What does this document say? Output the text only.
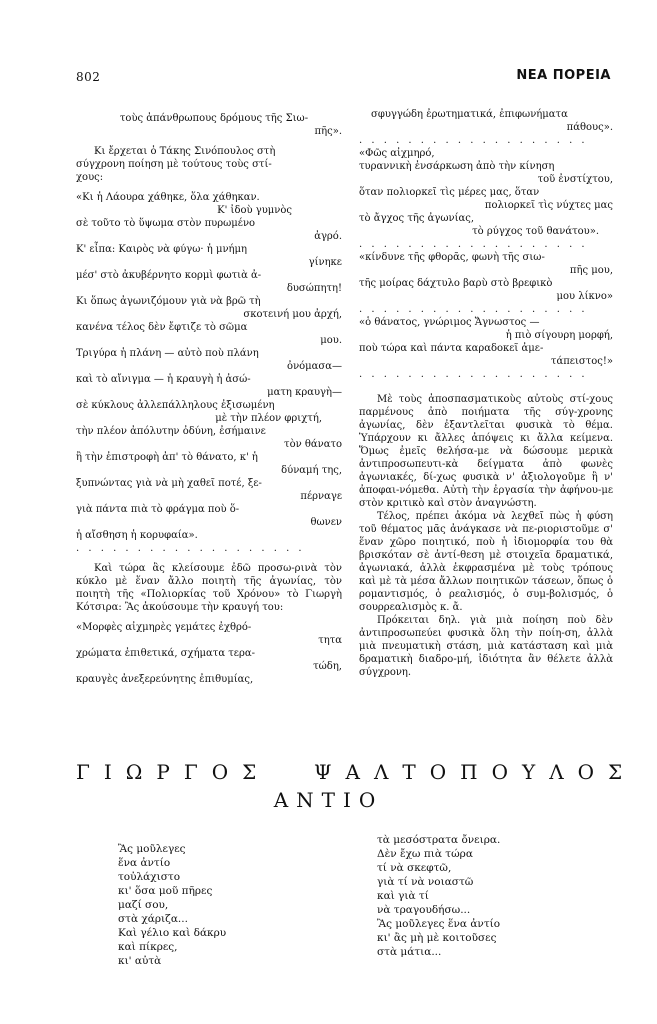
802	ΝΕΑ ΠΟΡΕΙΑ
τοὺς ἀπάνθρωπους δρόμους τῆς Σιω-
πῆς».
Κι ἔρχεται ὁ Τάκης Σινόπουλος στὴ
σύγχρονη ποίηση μὲ τούτους τοὺς στί-
χους:
«Κι ἡ Λάουρα χάθηκε, ὅλα χάθηκαν.
Κ' ἰδοὺ γυμνὸς
σὲ τοῦτο τὸ ὕψωμα στὸν πυρωμένο
ἀγρό.
Κ' εἶπα: Καιρὸς νὰ φύγω· ἡ μνήμη
γίνηκε
μέσ' στὸ ἀκυβέρνητο κορμὶ φωτιὰ ἀ-
δυσώπητη!
Κι ὅπως ἀγωνιζόμουν γιὰ νὰ βρῶ τὴ
σκοτεινή μου ἀρχή,
κανένα τέλος δὲν ἔφτιζε τὸ σῶμα
μου.
Τριγύρα ἡ πλάνη — αὐτὸ ποὺ πλάνη
ὀνόμασα—
καὶ τὸ αἴνιγμα — ἡ κραυγὴ ἡ ἀσώ-
ματη κραυγὴ—
σὲ κύκλους ἀλλεπάλληλους ἐξισωμένη
μὲ τὴν πλέον φριχτή,
τὴν πλέον ἀπόλυτην ὀδύνη, ἐσήμαινε
τὸν θάνατο
ἢ τὴν ἐπιστροφὴ ἀπ' τὸ θάνατο, κ' ἡ
δύναμή της,
ξυπνώντας γιὰ νὰ μὴ χαθεῖ ποτέ, ξε-
πέρναγε
γιὰ πάντα πιὰ τὸ φράγμα ποὺ ὅ-
θωνεν
ἡ αἴσθηση ἡ κορυφαία».
. . . . . . . . . . . . . . . . . . .

Καὶ τώρα ἂς κλείσουμε ἐδῶ προσω-ρινὰ τὸν κύκλο μὲ ἕναν ἄλλο ποιητὴ τῆς ἀγωνίας, τὸν ποιητὴ τῆς «Πολιορκίας τοῦ Χρόνου» τὸ Γιωργὴ Κότσιρα: Ἂς ἀκούσουμε τὴν κραυγή του:

«Μορφὲς αἰχμηρὲς γεμάτες ἐχθρό-
τητα
χρώματα ἐπιθετικά, σχήματα τερα-
τώδη,
κραυγὲς ἀνεξερεύνητης ἐπιθυμίας,
σφυγγώδη ἐρωτηματικά, ἐπιφωνήματα
πάθους».
. . . . . . . . . . . . . . . . . . .
«Φῶς αἰχμηρό,
τυραννικὴ ἐνσάρκωση ἀπὸ τὴν κίνηση
τοῦ ἐνστίχτου,
ὅταν πολιορκεῖ τὶς μέρες μας, ὅταν
πολιορκεῖ τὶς νύχτες μας
τὸ ἄγχος τῆς ἀγωνίας,
τὸ ρύγχος τοῦ θανάτου».
. . . . . . . . . . . . . . . . . . .
«κίνδυνε τῆς φθορᾶς, φωνὴ τῆς σιω-
πῆς μου,
τῆς μοίρας δάχτυλο βαρὺ στὸ βρεφικὸ
μου λίκνο»
. . . . . . . . . . . . . . . . . . .
«ὁ θάνατος, γνώριμος Ἄγνωστος —
ἡ πιὸ σίγουρη μορφή,
ποὺ τώρα καὶ πάντα καραδοκεῖ ἀμε-
τάπειστος!»
. . . . . . . . . . . . . . . . . . .

Μὲ τοὺς ἀποσπασματικοὺς αὐτοὺς στί-χους παρμένους ἀπὸ ποιήματα τῆς σύγ-χρονης ἀγωνίας, δὲν ἐξαντλεῖται φυσικὰ τὸ θέμα. Ὑπάρχουν κι ἄλλες ἀπόψεις κι ἄλλα κείμενα. Ὅμως ἐμεῖς θελήσα-με νὰ δώσουμε μερικὰ ἀντιπροσωπευτι-κὰ δείγματα ἀπὸ φωνὲς ἀγωνιακές, δί-χως φυσικὰ ν' ἀξιολογοῦμε ἢ ν' ἀποφαι-νόμεθα. Αὐτὴ τὴν ἐργασία τὴν ἀφήνου-με στὸν κριτικὸ καὶ στὸν ἀναγνώστη.

Τέλος, πρέπει ἀκόμα νὰ λεχθεῖ πὼς ἡ φύση τοῦ θέματος μᾶς ἀνάγκασε νὰ πε-ριοριστοῦμε σ' ἕναν χῶρο ποιητικό, ποὺ ἡ ἰδιομορφία του θὰ βρισκόταν σὲ ἀντί-θεση μὲ στοιχεῖα δραματικά, ἀγωνιακά, ἀλλὰ ἐκφρασμένα μὲ τοὺς τρόπους καὶ μὲ τὰ μέσα ἄλλων ποιητικῶν τάσεων, ὅπως ὁ ρομαντισμός, ὁ ρεαλισμός, ὁ συμ-βολισμός, ὁ σουρρεαλισμὸς κ. ἄ.

Πρόκειται δηλ. γιὰ μιὰ ποίηση ποὺ δὲν ἀντιπροσωπεύει φυσικὰ ὅλη τὴν ποίη-ση, ἀλλὰ μιὰ πνευματικὴ στάση, μιὰ κατάσταση καὶ μιὰ δραματικὴ διαδρο-μή, ἰδιότητα ἂν θέλετε ἀλλὰ σύγχρονη.

ΓΙΩΡΓΟΣ ΨΑΛΤΟΠΟΥΛΟΣ
ΑΝΤΙΟ
Ἂς μοῦλεγες
ἕνα ἀντίο
τοὐλάχιστο
κι' ὅσα μοῦ πῆρες
μαζί σου,
στὰ χάριζα...
Καὶ γέλιο καὶ δάκρυ
καὶ πίκρες,
κι' αὐτὰ
τὰ μεσόστρατα ὄνειρα.
Δὲν ἔχω πιὰ τώρα
τί νὰ σκεφτῶ,
γιὰ τί νὰ νοιαστῶ
καὶ γιὰ τί
νὰ τραγουδήσω...
Ἂς μοῦλεγες ἕνα ἀντίο
κι' ἂς μὴ μὲ κοιτοῦσες
στὰ μάτια...
